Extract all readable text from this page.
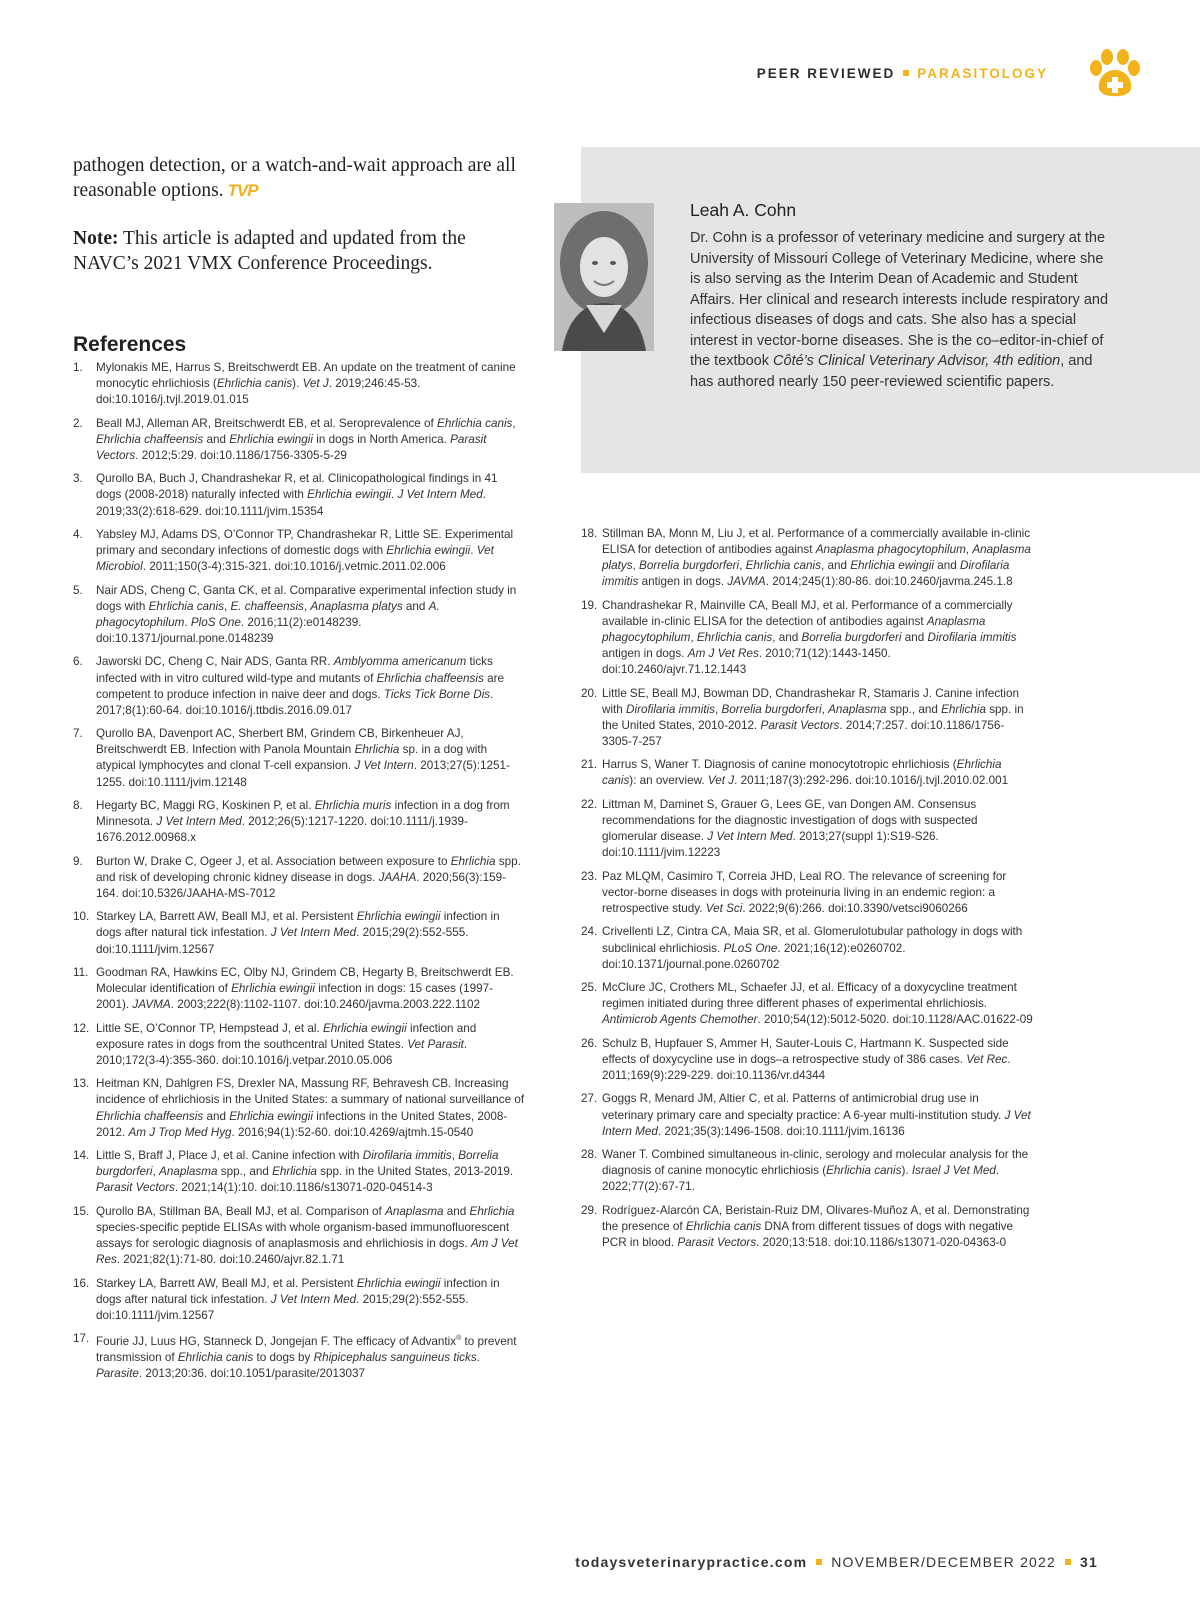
PEER REVIEWED PARASITOLOGY

pathogen detection, or a watch-and-wait approach are all reasonable options. TVP

Note: This article is adapted and updated from the NAVC’s 2021 VMX Conference Proceedings.

References
Leah A. Cohn
Dr. Cohn is a professor of veterinary medicine and surgery at the University of Missouri College of Veterinary Medicine, where she is also serving as the Interim Dean of Academic and Student Affairs. Her clinical and research interests include respiratory and infectious diseases of dogs and cats. She also has a special interest in vector-borne diseases. She is the co–editor-in-chief of the textbook Côté’s Clinical Veterinary Advisor, 4th edition, and has authored nearly 150 peer-reviewed scientific papers.
1. Mylonakis ME, Harrus S, Breitschwerdt EB. An update on the treatment of canine monocytic ehrlichiosis (Ehrlichia canis). Vet J. 2019;246:45-53. doi:10.1016/j.tvjl.2019.01.015
2. Beall MJ, Alleman AR, Breitschwerdt EB, et al. Seroprevalence of Ehrlichia canis, Ehrlichia chaffeensis and Ehrlichia ewingii in dogs in North America. Parasit Vectors. 2012;5:29. doi:10.1186/1756-3305-5-29
3. Qurollo BA, Buch J, Chandrashekar R, et al. Clinicopathological findings in 41 dogs (2008-2018) naturally infected with Ehrlichia ewingii. J Vet Intern Med. 2019;33(2):618-629. doi:10.1111/jvim.15354
4. Yabsley MJ, Adams DS, O’Connor TP, Chandrashekar R, Little SE. Experimental primary and secondary infections of domestic dogs with Ehrlichia ewingii. Vet Microbiol. 2011;150(3-4):315-321. doi:10.1016/j.vetmic.2011.02.006
5. Nair ADS, Cheng C, Ganta CK, et al. Comparative experimental infection study in dogs with Ehrlichia canis, E. chaffeensis, Anaplasma platys and A. phagocytophilum. PloS One. 2016;11(2):e0148239. doi:10.1371/journal.pone.0148239
6. Jaworski DC, Cheng C, Nair ADS, Ganta RR. Amblyomma americanum ticks infected with in vitro cultured wild-type and mutants of Ehrlichia chaffeensis are competent to produce infection in naive deer and dogs. Ticks Tick Borne Dis. 2017;8(1):60-64. doi:10.1016/j.ttbdis.2016.09.017
7. Qurollo BA, Davenport AC, Sherbert BM, Grindem CB, Birkenheuer AJ, Breitschwerdt EB. Infection with Panola Mountain Ehrlichia sp. in a dog with atypical lymphocytes and clonal T-cell expansion. J Vet Intern. 2013;27(5):1251-1255. doi:10.1111/jvim.12148
8. Hegarty BC, Maggi RG, Koskinen P, et al. Ehrlichia muris infection in a dog from Minnesota. J Vet Intern Med. 2012;26(5):1217-1220. doi:10.1111/j.1939-1676.2012.00968.x
9. Burton W, Drake C, Ogeer J, et al. Association between exposure to Ehrlichia spp. and risk of developing chronic kidney disease in dogs. JAAHA. 2020;56(3):159-164. doi:10.5326/JAAHA-MS-7012
10. Starkey LA, Barrett AW, Beall MJ, et al. Persistent Ehrlichia ewingii infection in dogs after natural tick infestation. J Vet Intern Med. 2015;29(2):552-555. doi:10.1111/jvim.12567
11. Goodman RA, Hawkins EC, Olby NJ, Grindem CB, Hegarty B, Breitschwerdt EB. Molecular identification of Ehrlichia ewingii infection in dogs: 15 cases (1997-2001). JAVMA. 2003;222(8):1102-1107. doi:10.2460/javma.2003.222.1102
12. Little SE, O’Connor TP, Hempstead J, et al. Ehrlichia ewingii infection and exposure rates in dogs from the southcentral United States. Vet Parasit. 2010;172(3-4):355-360. doi:10.1016/j.vetpar.2010.05.006
13. Heitman KN, Dahlgren FS, Drexler NA, Massung RF, Behravesh CB. Increasing incidence of ehrlichiosis in the United States: a summary of national surveillance of Ehrlichia chaffeensis and Ehrlichia ewingii infections in the United States, 2008-2012. Am J Trop Med Hyg. 2016;94(1):52-60. doi:10.4269/ajtmh.15-0540
14. Little S, Braff J, Place J, et al. Canine infection with Dirofilaria immitis, Borrelia burgdorferi, Anaplasma spp., and Ehrlichia spp. in the United States, 2013-2019. Parasit Vectors. 2021;14(1):10. doi:10.1186/s13071-020-04514-3
15. Qurollo BA, Stillman BA, Beall MJ, et al. Comparison of Anaplasma and Ehrlichia species-specific peptide ELISAs with whole organism-based immunofluorescent assays for serologic diagnosis of anaplasmosis and ehrlichiosis in dogs. Am J Vet Res. 2021;82(1):71-80. doi:10.2460/ajvr.82.1.71
16. Starkey LA, Barrett AW, Beall MJ, et al. Persistent Ehrlichia ewingii infection in dogs after natural tick infestation. J Vet Intern Med. 2015;29(2):552-555. doi:10.1111/jvim.12567
17. Fourie JJ, Luus HG, Stanneck D, Jongejan F. The efficacy of Advantix® to prevent transmission of Ehrlichia canis to dogs by Rhipicephalus sanguineus ticks. Parasite. 2013;20:36. doi:10.1051/parasite/2013037
18. Stillman BA, Monn M, Liu J, et al. Performance of a commercially available in-clinic ELISA for detection of antibodies against Anaplasma phagocytophilum, Anaplasma platys, Borrelia burgdorferi, Ehrlichia canis, and Ehrlichia ewingii and Dirofilaria immitis antigen in dogs. JAVMA. 2014;245(1):80-86. doi:10.2460/javma.245.1.8
19. Chandrashekar R, Mainville CA, Beall MJ, et al. Performance of a commercially available in-clinic ELISA for the detection of antibodies against Anaplasma phagocytophilum, Ehrlichia canis, and Borrelia burgdorferi and Dirofilaria immitis antigen in dogs. Am J Vet Res. 2010;71(12):1443-1450. doi:10.2460/ajvr.71.12.1443
20. Little SE, Beall MJ, Bowman DD, Chandrashekar R, Stamaris J. Canine infection with Dirofilaria immitis, Borrelia burgdorferi, Anaplasma spp., and Ehrlichia spp. in the United States, 2010-2012. Parasit Vectors. 2014;7:257. doi:10.1186/1756-3305-7-257
21. Harrus S, Waner T. Diagnosis of canine monocytotropic ehrlichiosis (Ehrlichia canis): an overview. Vet J. 2011;187(3):292-296. doi:10.1016/j.tvjl.2010.02.001
22. Littman M, Daminet S, Grauer G, Lees GE, van Dongen AM. Consensus recommendations for the diagnostic investigation of dogs with suspected glomerular disease. J Vet Intern Med. 2013;27(suppl 1):S19-S26. doi:10.1111/jvim.12223
23. Paz MLQM, Casimiro T, Correia JHD, Leal RO. The relevance of screening for vector-borne diseases in dogs with proteinuria living in an endemic region: a retrospective study. Vet Sci. 2022;9(6):266. doi:10.3390/vetsci9060266
24. Crivellenti LZ, Cintra CA, Maia SR, et al. Glomerulotubular pathology in dogs with subclinical ehrlichiosis. PLoS One. 2021;16(12):e0260702. doi:10.1371/journal.pone.0260702
25. McClure JC, Crothers ML, Schaefer JJ, et al. Efficacy of a doxycycline treatment regimen initiated during three different phases of experimental ehrlichiosis. Antimicrob Agents Chemother. 2010;54(12):5012-5020. doi:10.1128/AAC.01622-09
26. Schulz B, Hupfauer S, Ammer H, Sauter-Louis C, Hartmann K. Suspected side effects of doxycycline use in dogs–a retrospective study of 386 cases. Vet Rec. 2011;169(9):229-229. doi:10.1136/vr.d4344
27. Goggs R, Menard JM, Altier C, et al. Patterns of antimicrobial drug use in veterinary primary care and specialty practice: A 6-year multi-institution study. J Vet Intern Med. 2021;35(3):1496-1508. doi:10.1111/jvim.16136
28. Waner T. Combined simultaneous in-clinic, serology and molecular analysis for the diagnosis of canine monocytic ehrlichiosis (Ehrlichia canis). Israel J Vet Med. 2022;77(2):67-71.
29. Rodríguez-Alarcón CA, Beristain-Ruiz DM, Olivares-Muñoz A, et al. Demonstrating the presence of Ehrlichia canis DNA from different tissues of dogs with negative PCR in blood. Parasit Vectors. 2020;13:518. doi:10.1186/s13071-020-04363-0
todaysveterinarypractice.com NOVEMBER/DECEMBER 2022 31
